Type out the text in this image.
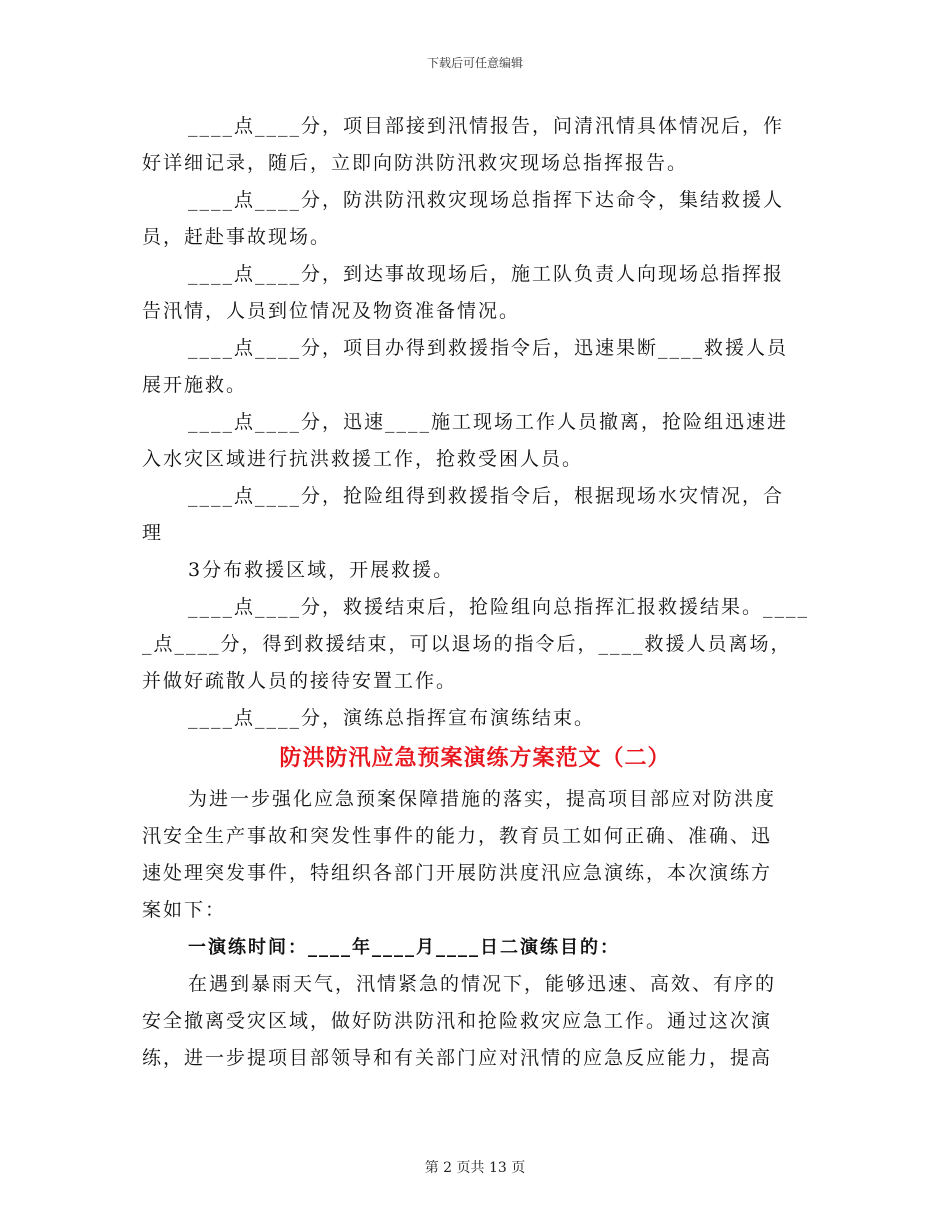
下载后可任意编辑
____点____分，项目部接到汛情报告，问清汛情具体情况后，作
好详细记录，随后，立即向防洪防汛救灾现场总指挥报告。
____点____分，防洪防汛救灾现场总指挥下达命令，集结救援人
员，赶赴事故现场。
____点____分，到达事故现场后，施工队负责人向现场总指挥报
告汛情，人员到位情况及物资准备情况。
____点____分，项目办得到救援指令后，迅速果断____救援人员
展开施救。
____点____分，迅速____施工现场工作人员撤离，抢险组迅速进
入水灾区域进行抗洪救援工作，抢救受困人员。
____点____分，抢险组得到救援指令后，根据现场水灾情况，合
理
3分布救援区域，开展救援。
____点____分，救援结束后，抢险组向总指挥汇报救援结果。____
_点____分，得到救援结束，可以退场的指令后，____救援人员离场，
并做好疏散人员的接待安置工作。
____点____分，演练总指挥宣布演练结束。
防洪防汛应急预案演练方案范文（二）
为进一步强化应急预案保障措施的落实，提高项目部应对防洪度
汛安全生产事故和突发性事件的能力，教育员工如何正确、准确、迅
速处理突发事件，特组织各部门开展防洪度汛应急演练，本次演练方
案如下：
一演练时间：____年____月____日二演练目的：
在遇到暴雨天气，汛情紧急的情况下，能够迅速、高效、有序的
安全撤离受灾区域，做好防洪防汛和抢险救灾应急工作。通过这次演
练，进一步提项目部领导和有关部门应对汛情的应急反应能力，提高
第 2 页共 13 页
